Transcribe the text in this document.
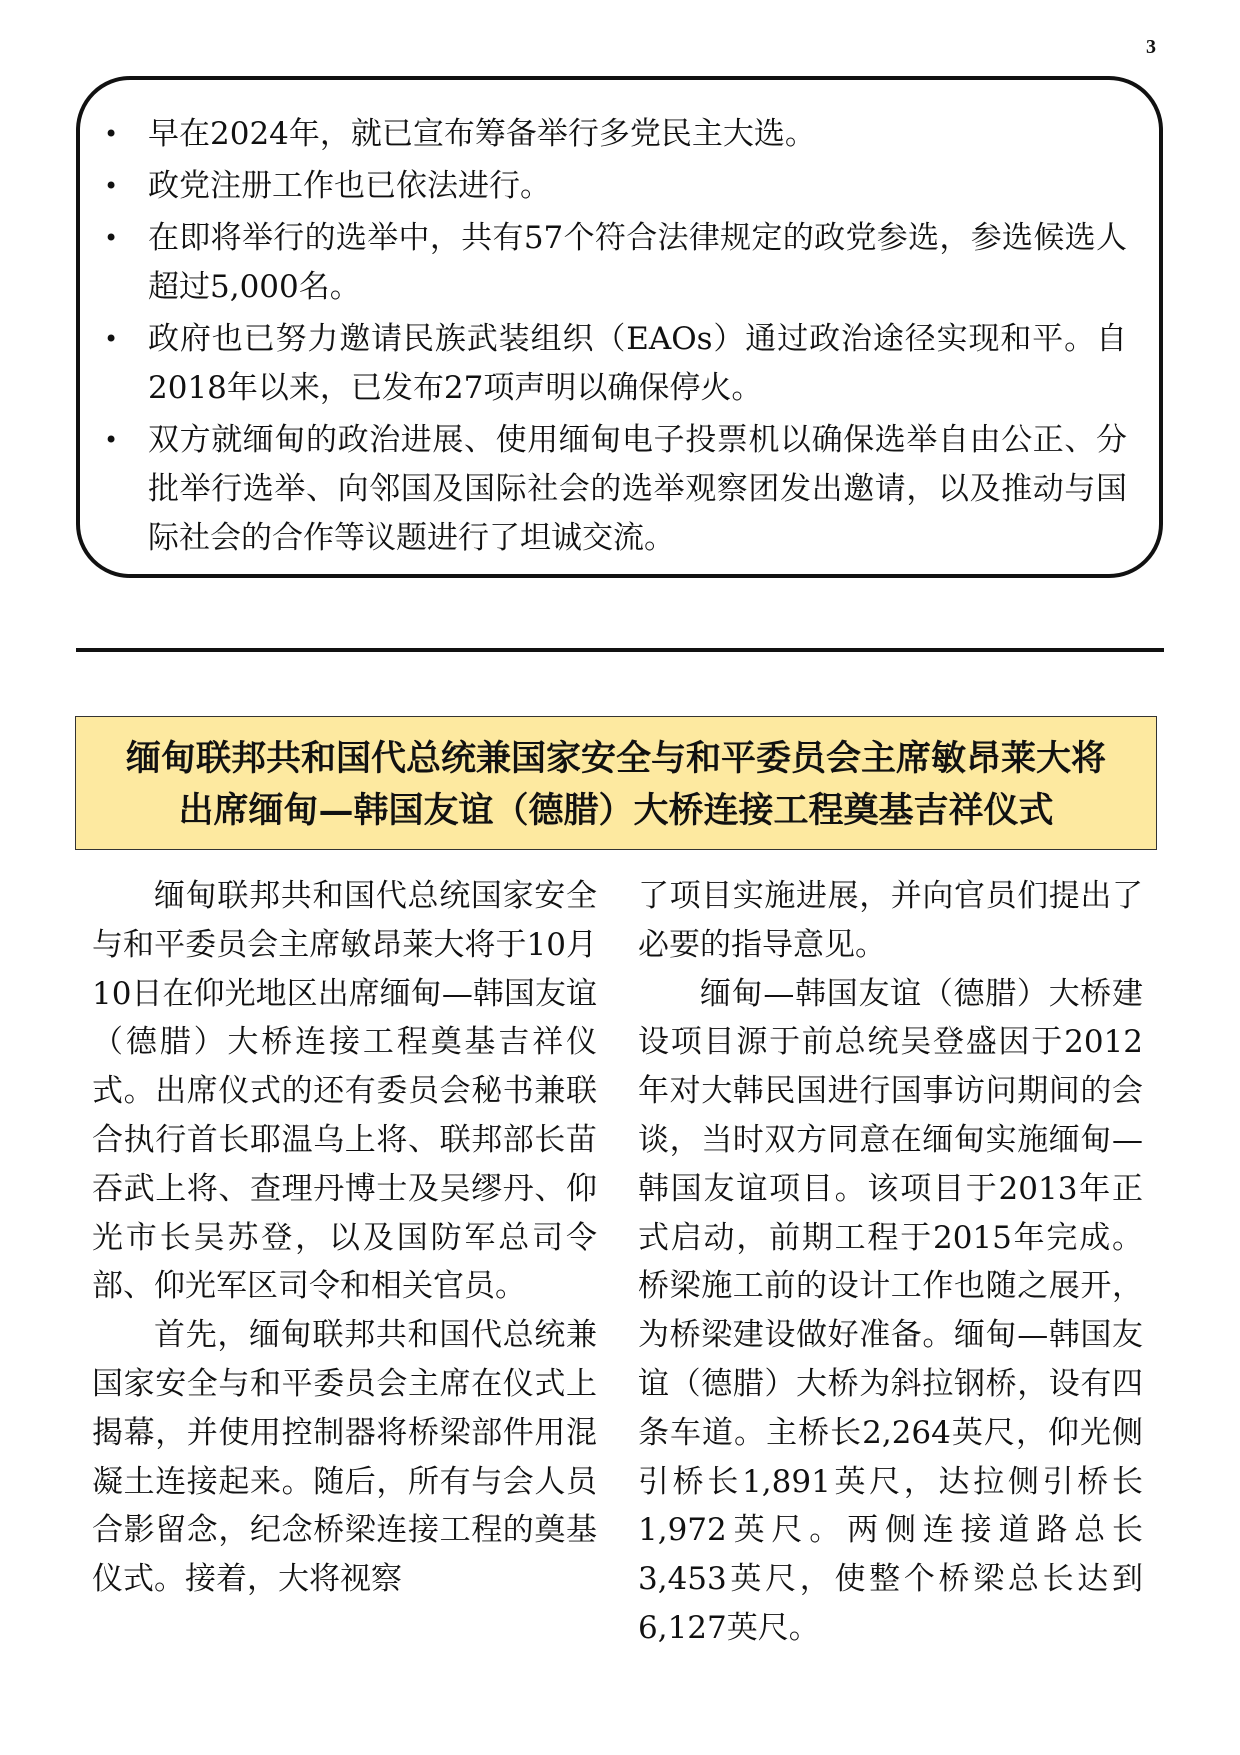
3
• 早在2024年，就已宣布筹备举行多党民主大选。
• 政党注册工作也已依法进行。
• 在即将举行的选举中，共有57个符合法律规定的政党参选，参选候选人超过5,000名。
• 政府也已努力邀请民族武装组织（EAOs）通过政治途径实现和平。自2018年以来，已发布27项声明以确保停火。
• 双方就缅甸的政治进展、使用缅甸电子投票机以确保选举自由公正、分批举行选举、向邻国及国际社会的选举观察团发出邀请，以及推动与国际社会的合作等议题进行了坦诚交流。
缅甸联邦共和国代总统兼国家安全与和平委员会主席敏昂莱大将
出席缅甸—韩国友谊（德腊）大桥连接工程奠基吉祥仪式

缅甸联邦共和国代总统国家安全与和平委员会主席敏昂莱大将于10月10日在仰光地区出席缅甸—韩国友谊（德腊）大桥连接工程奠基吉祥仪式。出席仪式的还有委员会秘书兼联合执行首长耶温乌上将、联邦部长苗吞武上将、查理丹博士及吴缪丹、仰光市长吴苏登，以及国防军总司令部、仰光军区司令和相关官员。

首先，缅甸联邦共和国代总统兼国家安全与和平委员会主席在仪式上揭幕，并使用控制器将桥梁部件用混凝土连接起来。随后，所有与会人员合影留念，纪念桥梁连接工程的奠基仪式。接着，大将视察

了项目实施进展，并向官员们提出了必要的指导意见。

缅甸—韩国友谊（德腊）大桥建设项目源于前总统吴登盛因于2012年对大韩民国进行国事访问期间的会谈，当时双方同意在缅甸实施缅甸—韩国友谊项目。该项目于2013年正式启动，前期工程于2015年完成。桥梁施工前的设计工作也随之展开，为桥梁建设做好准备。缅甸—韩国友谊（德腊）大桥为斜拉钢桥，设有四条车道。主桥长2,264英尺，仰光侧引桥长1,891英尺，达拉侧引桥长1,972英尺。两侧连接道路总长3,453英尺，使整个桥梁总长达到6,127英尺。
